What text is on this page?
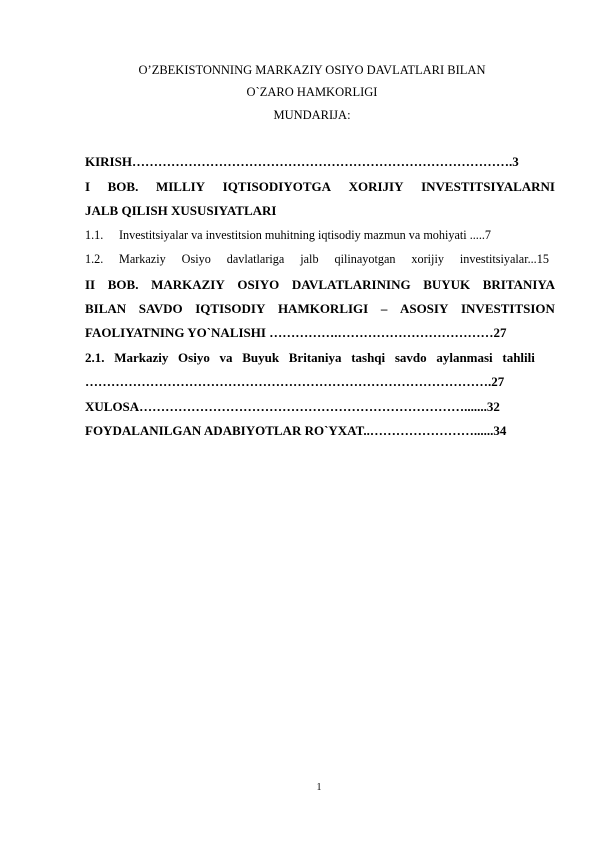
O’ZBEKISTONNING MARKAZIY OSIYO DAVLATLARI BILAN
O`ZARO HAMKORLIGI
MUNDARIJA:
KIRISH…………………………………………………………………………….3
I BOB. MILLIY IQTISODIYOTGA XORIJIY INVESTITSIYALARNI
JALB QILISH XUSUSIYATLARI
1.1. Investitsiyalar va investitsion muhitning iqtisodiy mazmun va mohiyati .....7
1.2.	Markaziy Osiyo davlatlariga jalb qilinayotgan xorijiy investitsiyalar...15
II BOB. MARKAZIY OSIYO DAVLATLARINING BUYUK BRITANIYA
BILAN SAVDO IQTISODIY HAMKORLIGI – ASOSIY INVESTITSION
FAOLIYATNING YO`NALISHI …………….………………………………27
2.1. Markaziy Osiyo va Buyuk Britaniya tashqi savdo aylanmasi tahlili
………………………………………………………………………………….27
XULOSA………………………………………………………………….......32
FOYDALANILGAN ADABIYOTLAR RO`YXAT..……………………......34
1
